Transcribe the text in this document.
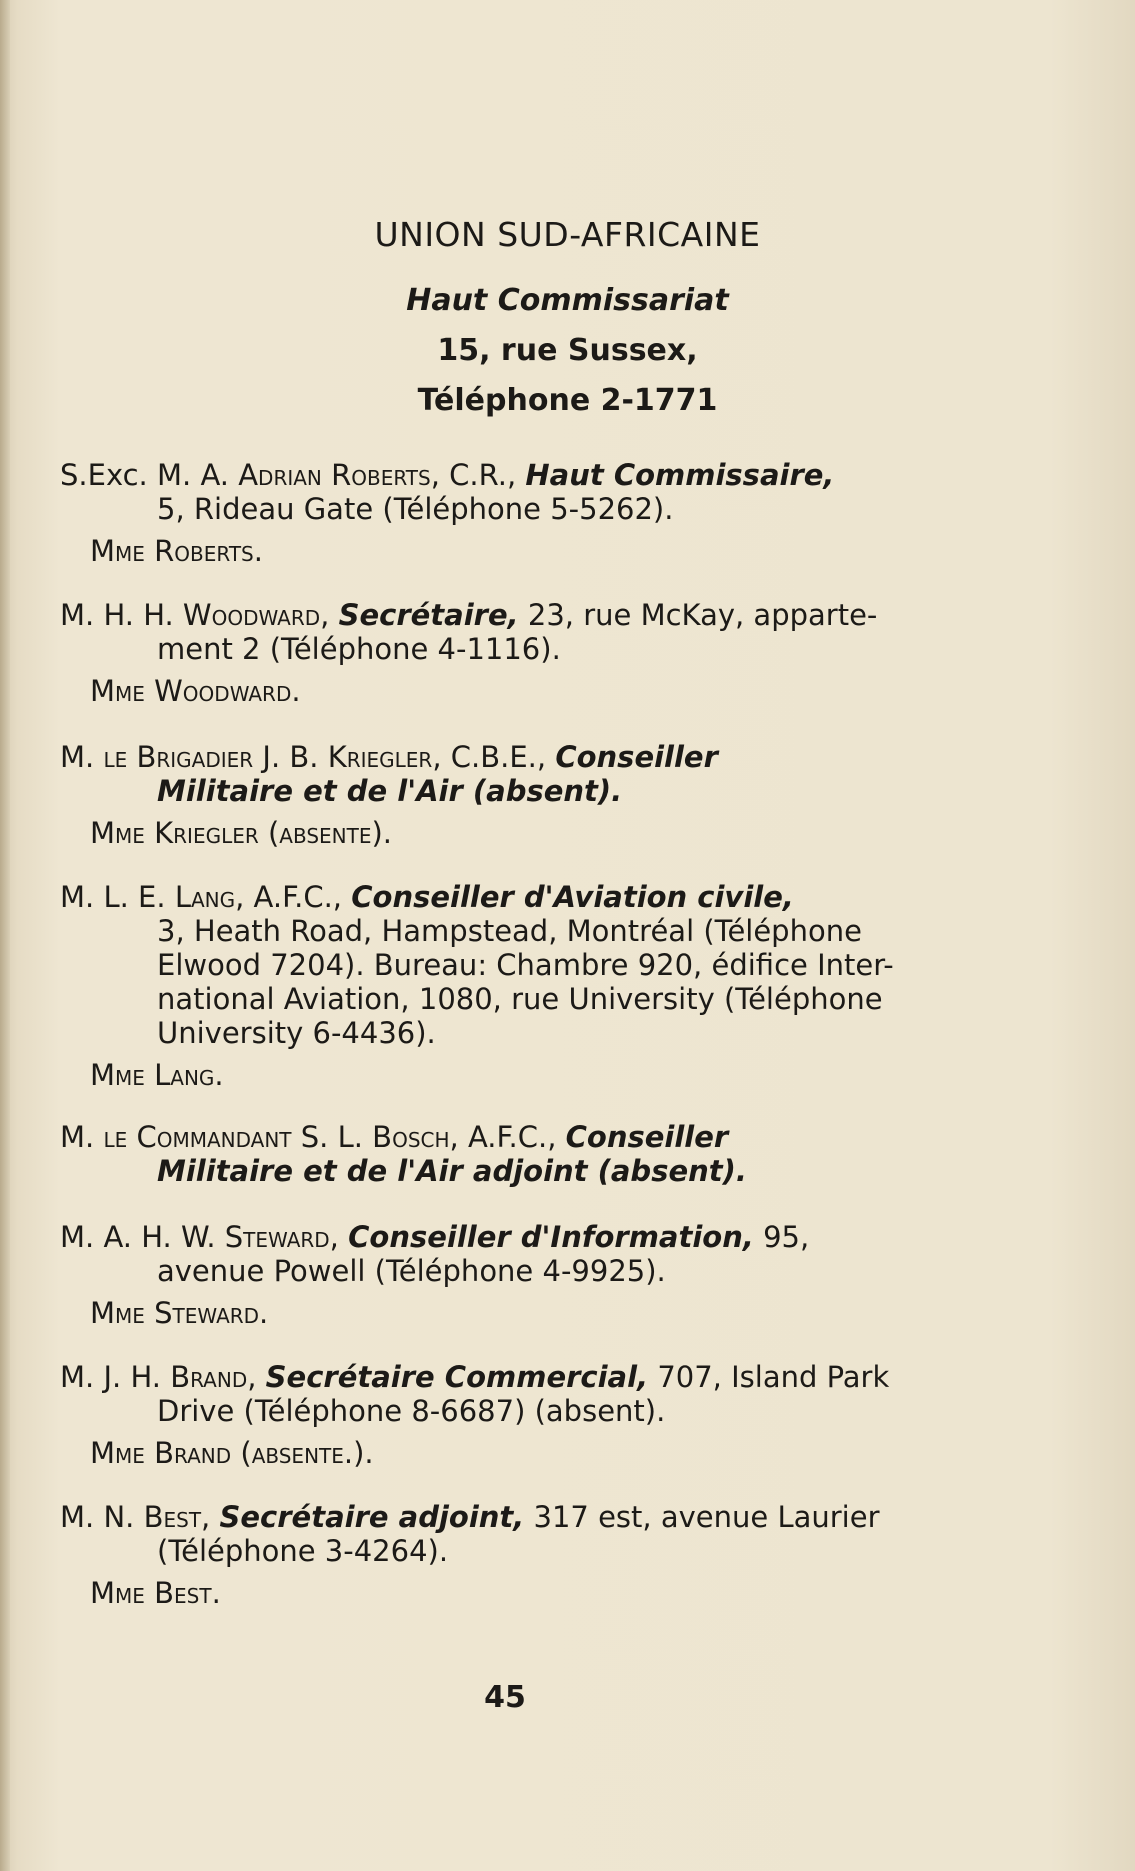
UNION SUD-AFRICAINE
Haut Commissariat
15, rue Sussex,
Téléphone 2-1771
S.Exc. M. A. Adrian Roberts, C.R., Haut Commissaire,
5, Rideau Gate (Téléphone 5-5262).
Mme Roberts.
M. H. H. Woodward, Secrétaire, 23, rue McKay, apparte-
ment 2 (Téléphone 4-1116).
Mme Woodward.
M. le Brigadier J. B. Kriegler, C.B.E., Conseiller
Militaire et de l'Air (absent).
Mme Kriegler (absente).
M. L. E. Lang, A.F.C., Conseiller d'Aviation civile,
3, Heath Road, Hampstead, Montréal (Téléphone
Elwood 7204). Bureau: Chambre 920, édifice Inter-
national Aviation, 1080, rue University (Téléphone
University 6-4436).
Mme Lang.
M. le Commandant S. L. Bosch, A.F.C., Conseiller
Militaire et de l'Air adjoint (absent).
M. A. H. W. Steward, Conseiller d'Information, 95,
avenue Powell (Téléphone 4-9925).
Mme Steward.
M. J. H. Brand, Secrétaire Commercial, 707, Island Park
Drive (Téléphone 8-6687) (absent).
Mme Brand (absente.).
M. N. Best, Secrétaire adjoint, 317 est, avenue Laurier
(Téléphone 3-4264).
Mme Best.
45
